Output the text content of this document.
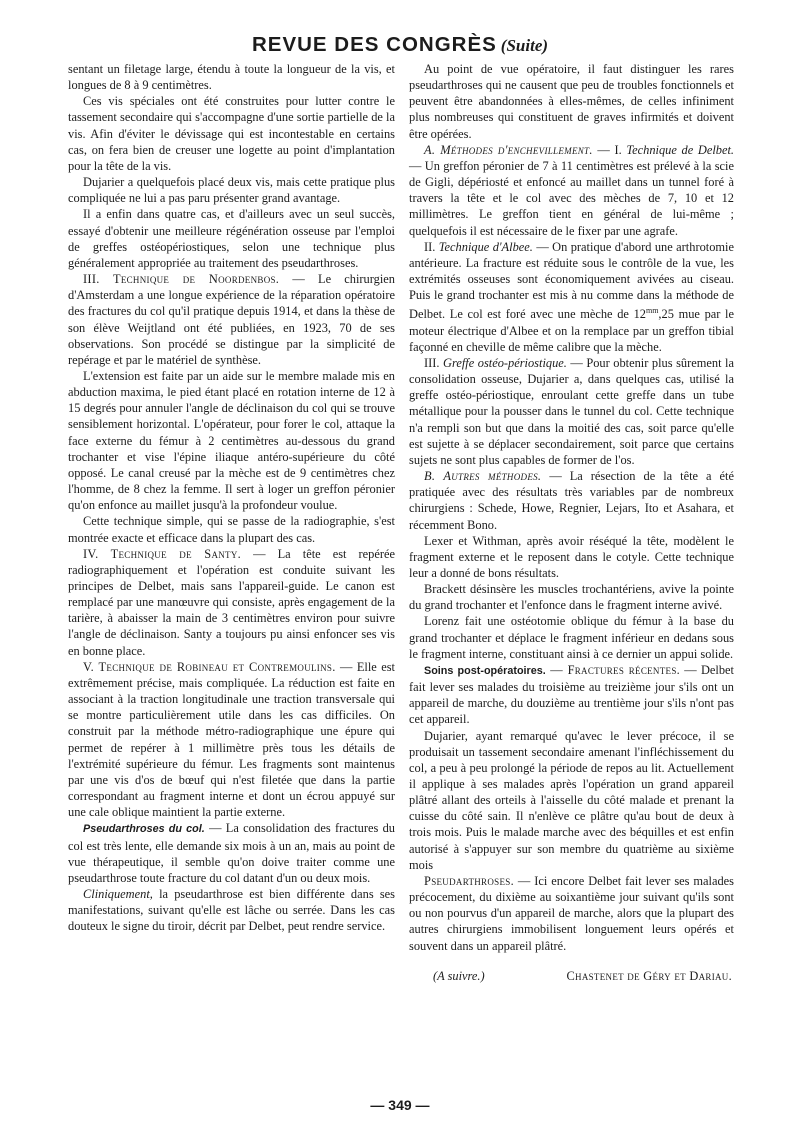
REVUE DES CONGRÈS (Suite)

sentant un filetage large, étendu à toute la longueur de la vis, et longues de 8 à 9 centimètres.

Ces vis spéciales ont été construites pour lutter contre le tassement secondaire qui s'accompagne d'une sortie partielle de la vis. Afin d'éviter le dévissage qui est incontestable en certains cas, on fera bien de creuser une logette au point d'implantation pour la tête de la vis.

Dujarier a quelquefois placé deux vis, mais cette pratique plus compliquée ne lui a pas paru présenter grand avantage.

Il a enfin dans quatre cas, et d'ailleurs avec un seul succès, essayé d'obtenir une meilleure régénération osseuse par l'emploi de greffes ostéopériostiques, selon une technique plus généralement appropriée au traitement des pseudarthroses.

III. Technique de Noordenbos. — Le chirurgien d'Amsterdam a une longue expérience de la réparation opératoire des fractures du col qu'il pratique depuis 1914, et dans la thèse de son élève Weijtland ont été publiées, en 1923, 70 de ses observations. Son procédé se distingue par la simplicité de repérage et par le matériel de synthèse.

L'extension est faite par un aide sur le membre malade mis en abduction maxima, le pied étant placé en rotation interne de 12 à 15 degrés pour annuler l'angle de déclinaison du col qui se trouve sensiblement horizontal. L'opérateur, pour forer le col, attaque la face externe du fémur à 2 centimètres au-dessous du grand trochanter et vise l'épine iliaque antéro-supérieure du côté opposé. Le canal creusé par la mèche est de 9 centimètres chez l'homme, de 8 chez la femme. Il sert à loger un greffon péronier qu'on enfonce au maillet jusqu'à la profondeur voulue.

Cette technique simple, qui se passe de la radiographie, s'est montrée exacte et efficace dans la plupart des cas.

IV. Technique de Santy. — La tête est repérée radiographiquement et l'opération est conduite suivant les principes de Delbet, mais sans l'appareil-guide. Le canon est remplacé par une manœuvre qui consiste, après engagement de la tarière, à abaisser la main de 3 centimètres environ pour suivre l'angle de déclinaison. Santy a toujours pu ainsi enfoncer ses vis en bonne place.

V. Technique de Robineau et Contremoulins. — Elle est extrêmement précise, mais compliquée. La réduction est faite en associant à la traction longitudinale une traction transversale qui se montre particulièrement utile dans les cas difficiles. On construit par la méthode métro-radiographique une épure qui permet de repérer à 1 millimètre près tous les détails de l'extrémité supérieure du fémur. Les fragments sont maintenus par une vis d'os de bœuf qui n'est filetée que dans la partie correspondant au fragment interne et dont un écrou appuyé sur une cale oblique maintient la partie externe.

Pseudarthroses du col. — La consolidation des fractures du col est très lente, elle demande six mois à un an, mais au point de vue thérapeutique, il semble qu'on doive traiter comme une pseudarthrose toute fracture du col datant d'un ou deux mois.

Cliniquement, la pseudarthrose est bien différente dans ses manifestations, suivant qu'elle est lâche ou serrée. Dans les cas douteux le signe du tiroir, décrit par Delbet, peut rendre service.

Au point de vue opératoire, il faut distinguer les rares pseudarthroses qui ne causent que peu de troubles fonctionnels et peuvent être abandonnées à elles-mêmes, de celles infiniment plus nombreuses qui constituent de graves infirmités et doivent être opérées.

A. Méthodes d'enchevillement. — I. Technique de Delbet. — Un greffon péronier de 7 à 11 centimètres est prélevé à la scie de Gigli, dépériosté et enfoncé au maillet dans un tunnel foré à travers la tête et le col avec des mèches de 7, 10 et 12 millimètres. Le greffon tient en général de lui-même ; quelquefois il est nécessaire de le fixer par une agrafe.

II. Technique d'Albee. — On pratique d'abord une arthrotomie antérieure. La fracture est réduite sous le contrôle de la vue, les extrémités osseuses sont économiquement avivées au ciseau. Puis le grand trochanter est mis à nu comme dans la méthode de Delbet. Le col est foré avec une mèche de $12^{mm},25$ mue par le moteur électrique d'Albee et on la remplace par un greffon tibial façonné en cheville de même calibre que la mèche.

III. Greffe ostéo-périostique. — Pour obtenir plus sûrement la consolidation osseuse, Dujarier a, dans quelques cas, utilisé la greffe ostéo-périostique, enroulant cette greffe dans un tube métallique pour la pousser dans le tunnel du col. Cette technique n'a rempli son but que dans la moitié des cas, soit parce qu'elle est sujette à se déplacer secondairement, soit parce que certains sujets ne sont plus capables de former de l'os.

B. Autres méthodes. — La résection de la tête a été pratiquée avec des résultats très variables par de nombreux chirurgiens : Schede, Howe, Regnier, Lejars, Ito et Asahara, et récemment Bono.

Lexer et Withman, après avoir réséqué la tête, modèlent le fragment externe et le reposent dans le cotyle. Cette technique leur a donné de bons résultats.

Brackett désinsère les muscles trochantériens, avive la pointe du grand trochanter et l'enfonce dans le fragment interne avivé.

Lorenz fait une ostéotomie oblique du fémur à la base du grand trochanter et déplace le fragment inférieur en dedans sous le fragment interne, constituant ainsi à ce dernier un appui solide.

Soins post-opératoires. — Fractures récentes. — Delbet fait lever ses malades du troisième au treizième jour s'ils ont un appareil de marche, du douzième au trentième jour s'ils n'ont pas cet appareil.

Dujarier, ayant remarqué qu'avec le lever précoce, il se produisait un tassement secondaire amenant l'infléchissement du col, a peu à peu prolongé la période de repos au lit. Actuellement il applique à ses malades après l'opération un grand appareil plâtré allant des orteils à l'aisselle du côté malade et prenant la cuisse du côté sain. Il n'enlève ce plâtre qu'au bout de deux à trois mois. Puis le malade marche avec des béquilles et est enfin autorisé à s'appuyer sur son membre du quatrième au sixième mois

Pseudarthroses. — Ici encore Delbet fait lever ses malades précocement, du dixième au soixantième jour suivant qu'ils sont ou non pourvus d'un appareil de marche, alors que la plupart des autres chirurgiens immobilisent longuement leurs opérés et souvent dans un appareil plâtré.

(A suivre.)	Chastenet de Géry et Dariau.
— 349 —
